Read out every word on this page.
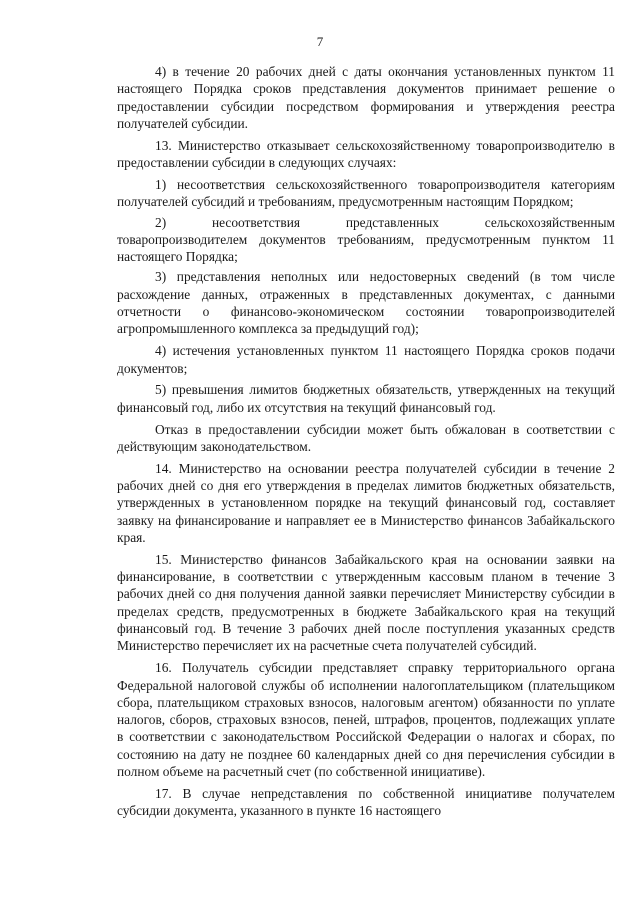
7

4) в течение 20 рабочих дней с даты окончания установленных пунктом 11 настоящего Порядка сроков представления документов принимает решение о предоставлении субсидии посредством формирования и утверждения реестра получателей субсидии.

13. Министерство отказывает сельскохозяйственному товаропроизводителю в предоставлении субсидии в следующих случаях:

1) несоответствия сельскохозяйственного товаропроизводителя категориям получателей субсидий и требованиям, предусмотренным настоящим Порядком;

2) несоответствия представленных сельскохозяйственным товаропроизводителем документов требованиям, предусмотренным пунктом 11 настоящего Порядка;

3) представления неполных или недостоверных сведений (в том числе расхождение данных, отраженных в представленных документах, с данными отчетности о финансово-экономическом состоянии товаропроизводителей агропромышленного комплекса за предыдущий год);

4) истечения установленных пунктом 11 настоящего Порядка сроков подачи документов;

5) превышения лимитов бюджетных обязательств, утвержденных на текущий финансовый год, либо их отсутствия на текущий финансовый год.

Отказ в предоставлении субсидии может быть обжалован в соответствии с действующим законодательством.

14. Министерство на основании реестра получателей субсидии в течение 2 рабочих дней со дня его утверждения в пределах лимитов бюджетных обязательств, утвержденных в установленном порядке на текущий финансовый год, составляет заявку на финансирование и направляет ее в Министерство финансов Забайкальского края.

15. Министерство финансов Забайкальского края на основании заявки на финансирование, в соответствии с утвержденным кассовым планом в течение 3 рабочих дней со дня получения данной заявки перечисляет Министерству субсидии в пределах средств, предусмотренных в бюджете Забайкальского края на текущий финансовый год. В течение 3 рабочих дней после поступления указанных средств Министерство перечисляет их на расчетные счета получателей субсидий.

16. Получатель субсидии представляет справку территориального органа Федеральной налоговой службы об исполнении налогоплательщиком (плательщиком сбора, плательщиком страховых взносов, налоговым агентом) обязанности по уплате налогов, сборов, страховых взносов, пеней, штрафов, процентов, подлежащих уплате в соответствии с законодательством Российской Федерации о налогах и сборах, по состоянию на дату не позднее 60 календарных дней со дня перечисления субсидии в полном объеме на расчетный счет (по собственной инициативе).

17. В случае непредставления по собственной инициативе получателем субсидии документа, указанного в пункте 16 настоящего
